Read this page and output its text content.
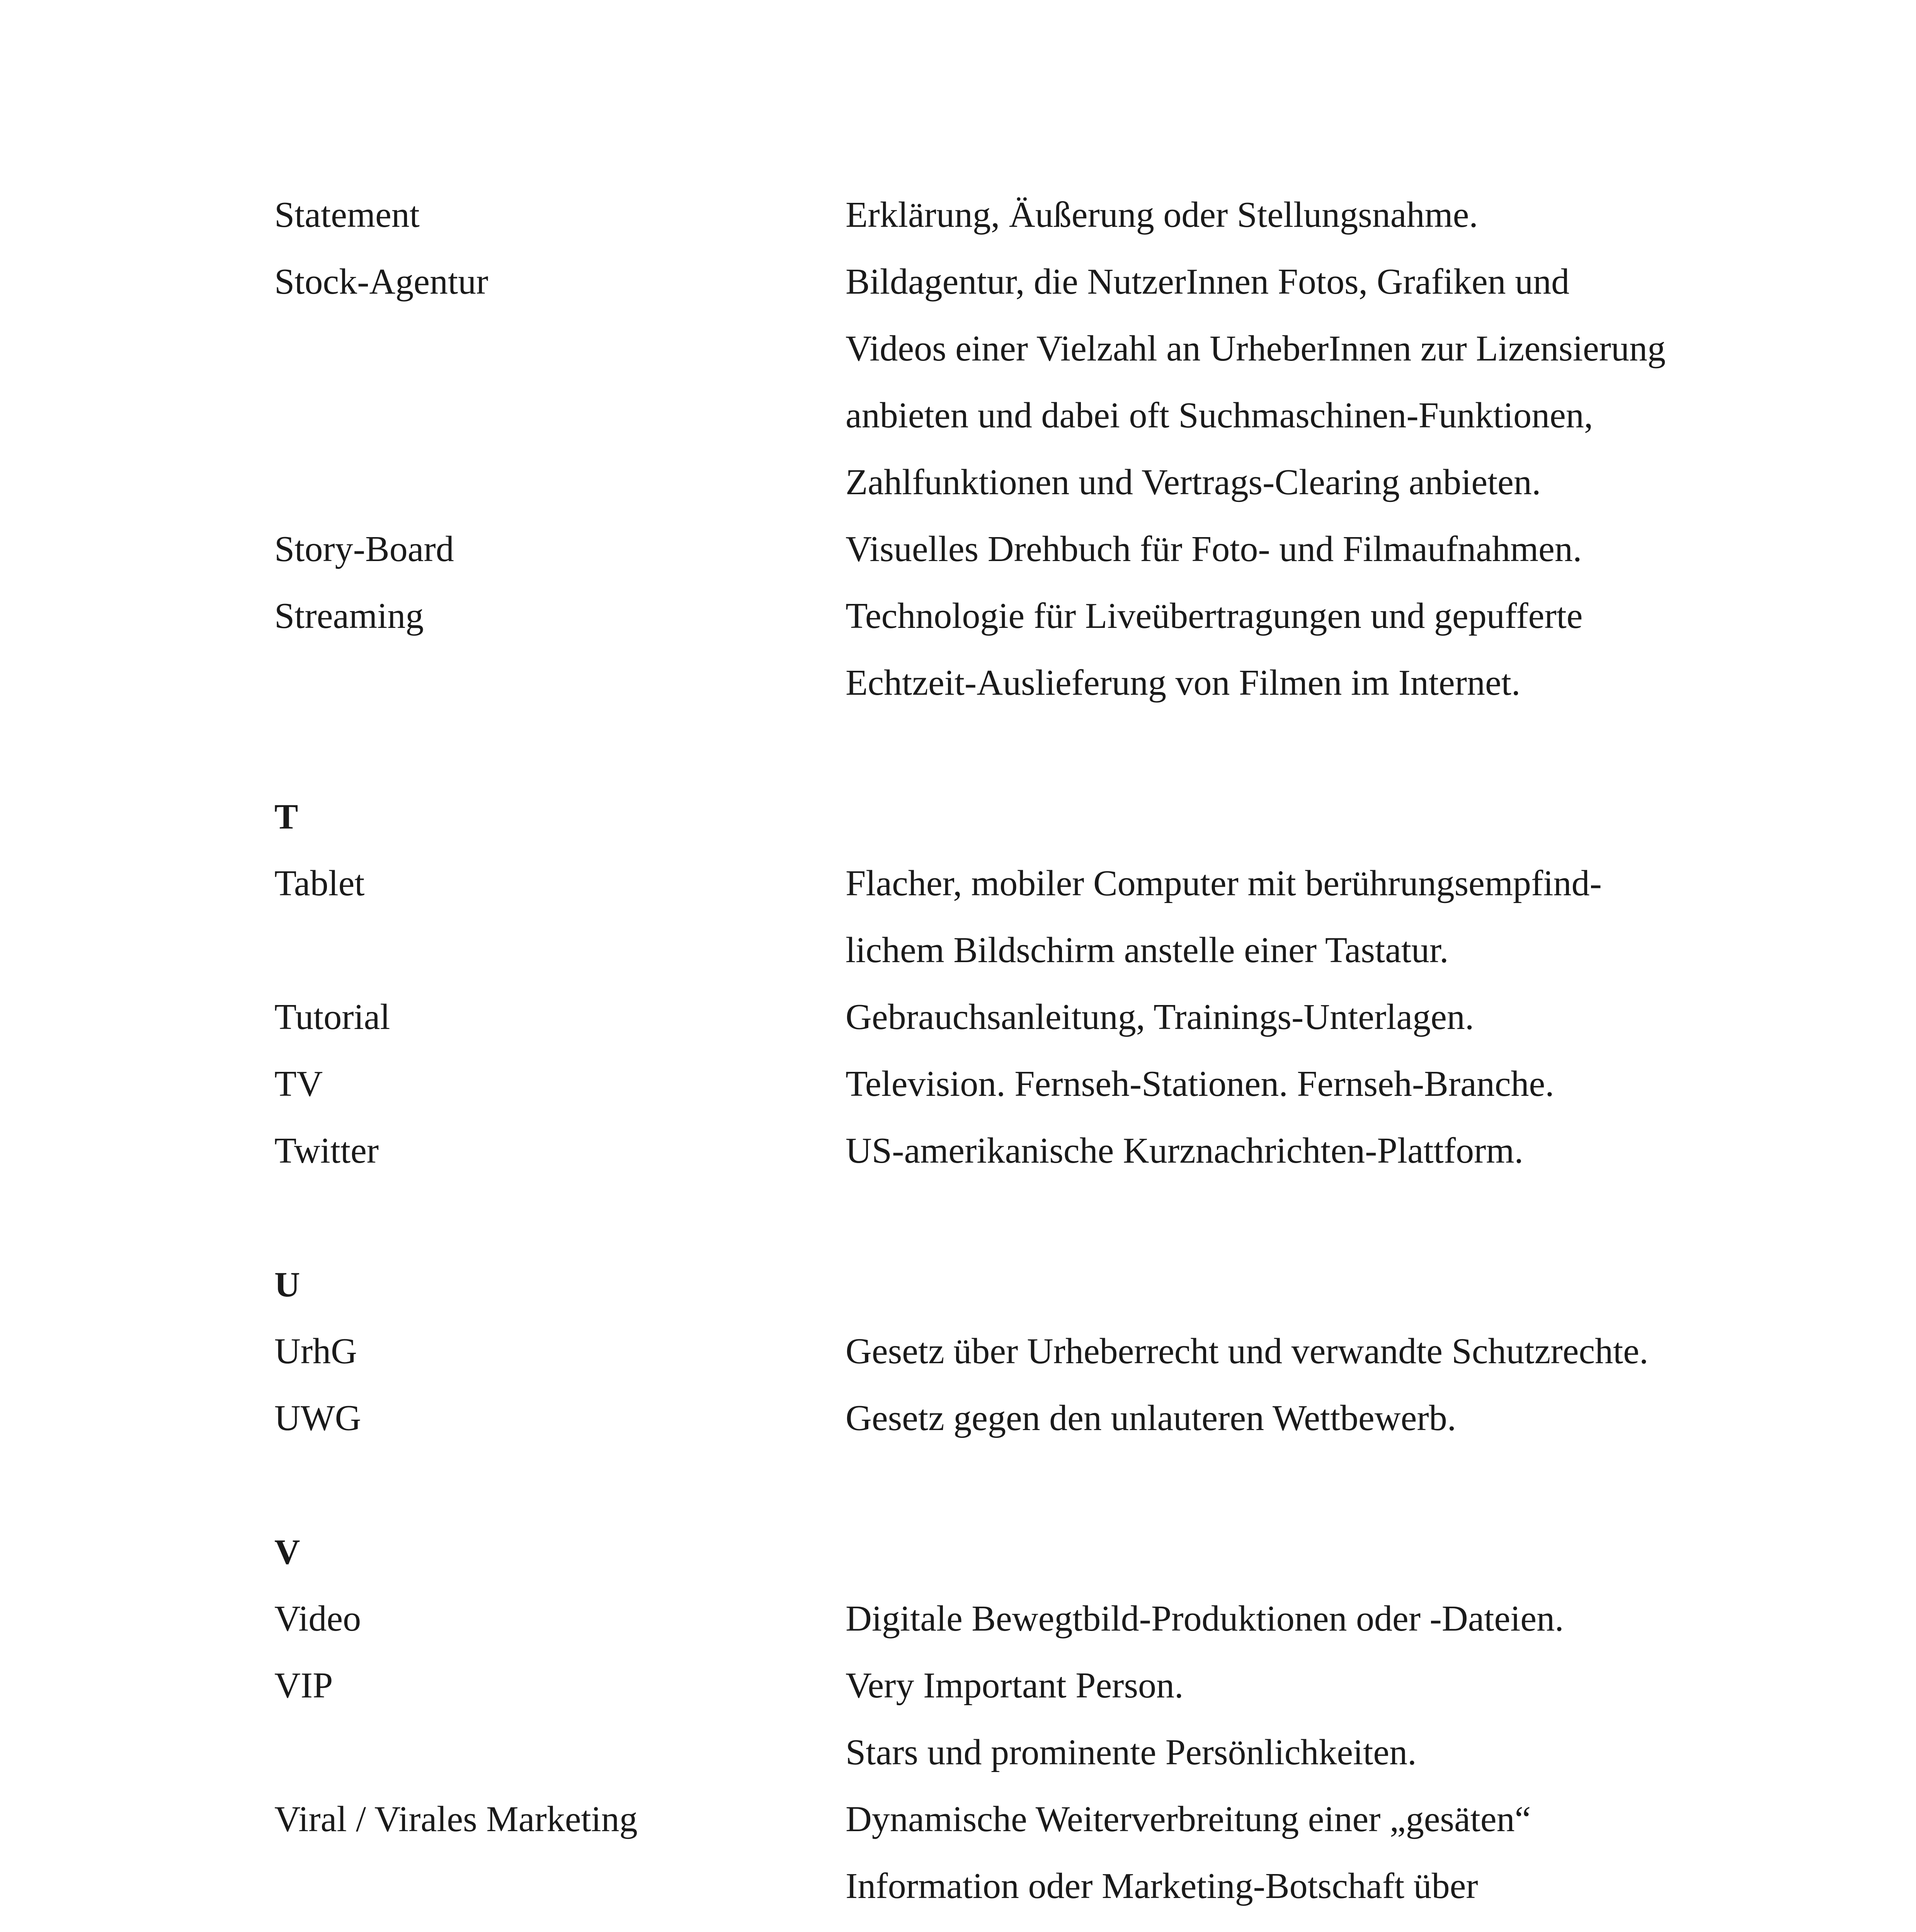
Statement	Erklärung, Äußerung oder Stellungsnahme.
Stock-Agentur	Bildagentur, die NutzerInnen Fotos, Grafiken und
Videos einer Vielzahl an UrheberInnen zur Lizensierung
anbieten und dabei oft Suchmaschinen-Funktionen,
Zahlfunktionen und Vertrags-Clearing anbieten.
Story-Board	Visuelles Drehbuch für Foto- und Filmaufnahmen.
Streaming	Technologie für Liveübertragungen und gepufferte
Echtzeit-Auslieferung von Filmen im Internet.
T
Tablet	Flacher, mobiler Computer mit berührungsempfind-
lichem Bildschirm anstelle einer Tastatur.
Tutorial	Gebrauchsanleitung, Trainings-Unterlagen.
TV	Television. Fernseh-Stationen. Fernseh-Branche.
Twitter	US-amerikanische Kurznachrichten-Plattform.
U
UrhG	Gesetz über Urheberrecht und verwandte Schutzrechte.
UWG	Gesetz gegen den unlauteren Wettbewerb.
V
Video	Digitale Bewegtbild-Produktionen oder -Dateien.
VIP	Very Important Person.
Stars und prominente Persönlichkeiten.
Viral / Virales Marketing	Dynamische Weiterverbreitung einer „gesäten“
Information oder Marketing-Botschaft über
